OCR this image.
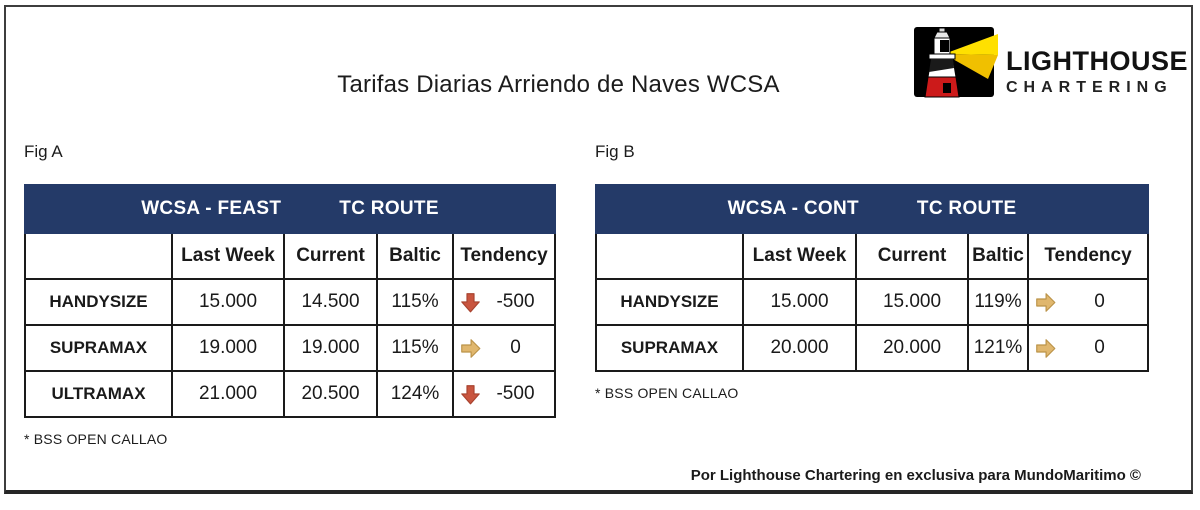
Tarifas Diarias Arriendo de Naves WCSA
LIGHTHOUSE
CHARTERING
Fig A
WCSA - FEAST TC ROUTE				
	Last Week	Current	Baltic	Tendency
HANDYSIZE	15.000	14.500	115%	-500

SUPRAMAX	19.000	19.000	115%	0

ULTRAMAX	21.000	20.500	124%	-500
* BSS OPEN CALLAO
Fig B
WCSA - CONT TC ROUTE				
	Last Week	Current	Baltic	Tendency
HANDYSIZE	15.000	15.000	119%	0

SUPRAMAX	20.000	20.000	121%	0
* BSS OPEN CALLAO
Por Lighthouse Chartering en exclusiva para MundoMaritimo ©
